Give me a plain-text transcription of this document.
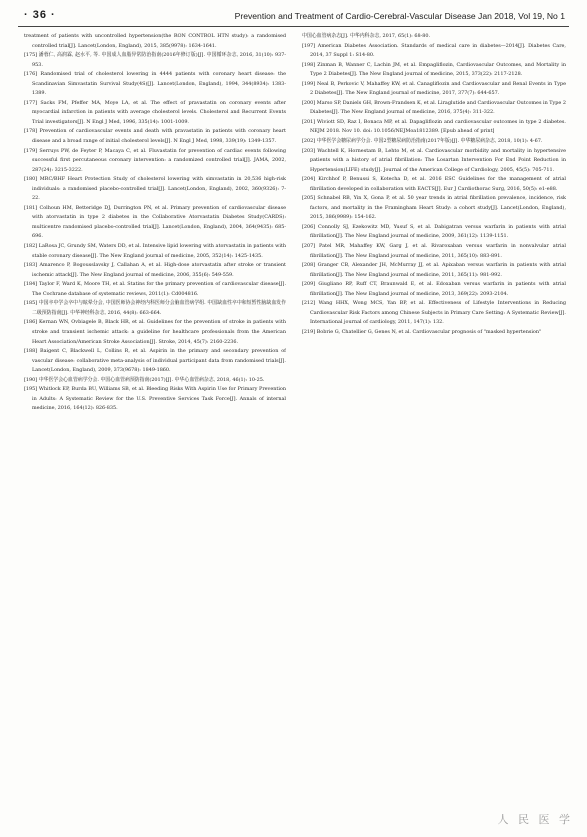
· 36 ·	Prevention and Treatment of Cardio-Cerebral-Vascular Disease Jan 2018, Vol 19, No 1

treatment of patients with uncontrolled hypertension(the RON CONTROL HTN study): a randomised controlled trial[J]. Lancet(London, England), 2015, 385(9978): 1634-1641.

[175] 潘蓉仁, 高润霖, 赵水平, 等. 中国成人血脂异常防治指南(2016年修订版)[J]. 中国循环杂志, 2016, 31(10): 937-953.

[176] Randomised trial of cholesterol lowering in 4444 patients with coronary heart disease: the Scandinavian Simvastatin Survival Study(4S)[J]. Lancet(London, England), 1994, 344(8934): 1383-1389.

[177] Sacks FM, Pfeffer MA, Moye LA, et al. The effect of pravastatin on coronary events after myocardial infarction in patients with average cholesterol levels. Cholesterol and Recurrent Events Trial investigators[J]. N Engl J Med, 1996, 335(14): 1001-1009.

[178] Prevention of cardiovascular events and death with pravastatin in patients with coronary heart disease and a broad range of initial cholesterol levels[J]. N Engl J Med, 1998, 339(19): 1349-1357.

[179] Serruys PW, de Feyter P, Macaya C, et al. Fluvastatin for prevention of cardiac events following successful first percutaneous coronary intervention: a randomized controlled trial[J]. JAMA, 2002, 287(24): 3215-3222.

[180] MRC/BHF Heart Protection Study of cholesterol lowering with simvastatin in 20,536 high-risk individuals: a randomised placebo-controlled trial[J]. Lancet(London, England), 2002, 360(9326): 7-22.

[181] Colhoun HM, Betteridge DJ, Durrington PN, et al. Primary prevention of cardiovascular disease with atorvastatin in type 2 diabetes in the Collaborative Atorvastatin Diabetes Study(CARDS): multicentre randomised placebo-controlled trial[J]. Lancet(London, England), 2004, 364(9435): 685-696.

[182] LaRosa JC, Grundy SM, Waters DD, et al. Intensive lipid lowering with atorvastatin in patients with stable coronary disease[J]. The New England journal of medicine, 2005, 352(14): 1425-1435.

[183] Amarenco P, Bogousslavsky J, Callahan A, et al. High-dose atorvastatin after stroke or transient ischemic attack[J]. The New England journal of medicine, 2006, 355(6): 549-559.

[184] Taylor F, Ward K, Moore TH, et al. Statins for the primary prevention of cardiovascular disease[J]. The Cochrane database of systematic reviews, 2011(1): Cd004816.

[185] 中国卒中学会卒中与眩晕分会, 中国医师协会神经内科医师分会脑血管病学组. 中国缺血性卒中和短暂性脑缺血发作二级预防指南[J]. 中华神经科杂志, 2016, 44(8): 663-664.

[186] Kernan WN, Ovbiagele B, Black HR, et al. Guidelines for the prevention of stroke in patients with stroke and transient ischemic attack: a guideline for healthcare professionals from the American Heart Association/American Stroke Association[J]. Stroke, 2014, 45(7): 2160-2236.

[188] Baigent C, Blackwell L, Collins R, et al. Aspirin in the primary and secondary prevention of vascular disease: collaborative meta-analysis of individual participant data from randomised trials[J]. Lancet(London, England), 2009, 373(9678): 1849-1860.

[190] 中华医学会心血管病学分会. 中国心血管病预防指南(2017)[J]. 中华心血管病杂志, 2018, 46(1): 10-25.

[195] Whitlock EP, Burda BU, Williams SB, et al. Bleeding Risks With Aspirin Use for Primary Prevention in Adults: A Systematic Review for the U.S. Preventive Services Task Force[J]. Annals of internal medicine, 2016, 164(12): 826-835.

中国心血管病杂志[J]. 中华内科杂志, 2017, 65(1): 68-80.

[197] American Diabetes Association. Standards of medical care in diabetes—2014[J]. Diabetes Care, 2014, 37 Suppl 1: S14-80.

[198] Zinman B, Wanner C, Lachin JM, et al. Empagliflozin, Cardiovascular Outcomes, and Mortality in Type 2 Diabetes[J]. The New England journal of medicine, 2015, 373(22): 2117-2128.

[199] Neal B, Perkovic V, Mahaffey KW, et al. Canagliflozin and Cardiovascular and Renal Events in Type 2 Diabetes[J]. The New England journal of medicine, 2017, 377(7): 644-657.

[200] Marso SP, Daniels GH, Brown-Frandsen K, et al. Liraglutide and Cardiovascular Outcomes in Type 2 Diabetes[J]. The New England journal of medicine, 2016, 375(4): 311-322.

[201] Wiviott SD, Raz I, Bonaca MP, et al. Dapagliflozin and cardiovascular outcomes in type 2 diabetes. NEJM 2018. Nov 10. doi: 10.1056/NEJMoa1812389. [Epub ahead of print]

[202] 中华医学会糖尿病学分会. 中国2型糖尿病防治指南(2017年版)[J]. 中华糖尿病杂志, 2018, 10(1): 4-67.

[203] Wachtell K, Hornestam B, Lehto M, et al. Cardiovascular morbidity and mortality in hypertensive patients with a history of atrial fibrillation: The Losartan Intervention For End Point Reduction in Hypertension(LIFE) study[J]. Journal of the American College of Cardiology, 2005, 45(5): 705-711.

[204] Kirchhof P, Benussi S, Kotecha D, et al. 2016 ESC Guidelines for the management of atrial fibrillation developed in collaboration with EACTS[J]. Eur J Cardiothorac Surg, 2016, 50(5): e1-e88.

[205] Schnabel RB, Yin X, Gona P, et al. 50 year trends in atrial fibrillation prevalence, incidence, risk factors, and mortality in the Framingham Heart Study: a cohort study[J]. Lancet(London, England), 2015, 386(9989): 154-162.

[206] Connolly SJ, Ezekowitz MD, Yusuf S, et al. Dabigatran versus warfarin in patients with atrial fibrillation[J]. The New England journal of medicine, 2009, 361(12): 1139-1151.

[207] Patel MR, Mahaffey KW, Garg J, et al. Rivaroxaban versus warfarin in nonvalvular atrial fibrillation[J]. The New England journal of medicine, 2011, 365(10): 883-891.

[208] Granger CB, Alexander JH, McMurray JJ, et al. Apixaban versus warfarin in patients with atrial fibrillation[J]. The New England journal of medicine, 2011, 365(11): 981-992.

[209] Giugliano RP, Ruff CT, Braunwald E, et al. Edoxaban versus warfarin in patients with atrial fibrillation[J]. The New England journal of medicine, 2013, 369(22): 2093-2104.

[212] Wang HHX, Wong MCS, Yan BP, et al. Effectiveness of Lifestyle Interventions in Reducing Cardiovascular Risk Factors among Chinese Subjects in Primary Care Setting: A Systematic Review[J]. International journal of cardiology, 2011, 147(1): 132.

[219] Bobrie G, Chatellier G, Genes N, et al. Cardiovascular prognosis of "masked hypertension"

人 民 医 学
